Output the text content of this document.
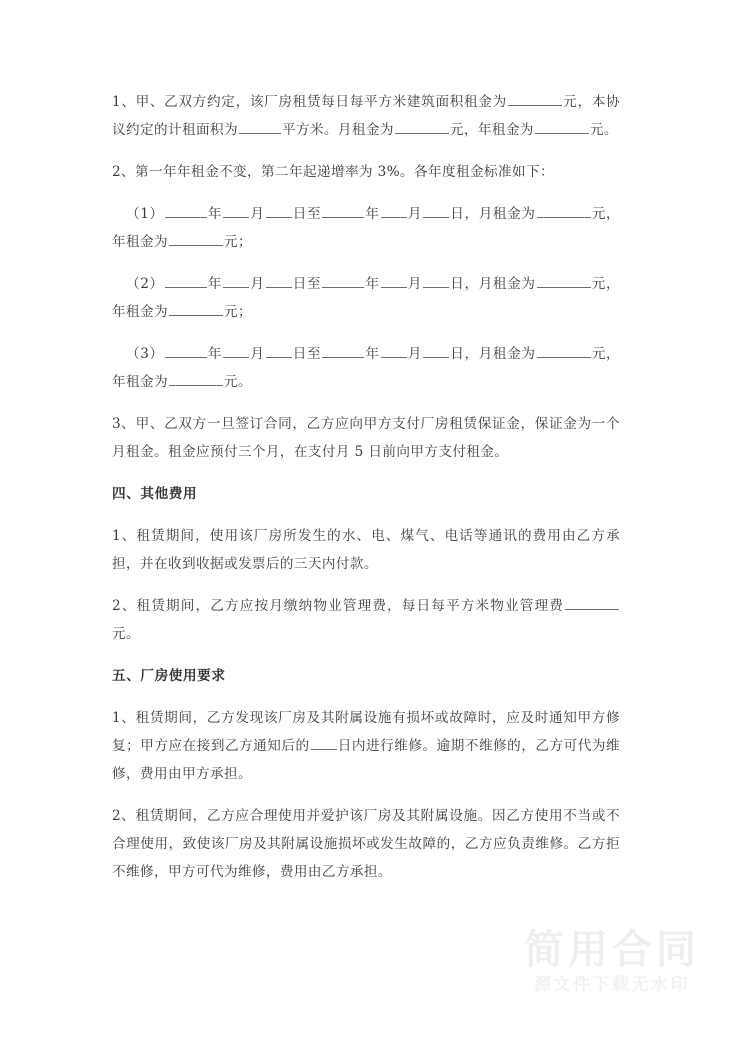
1、甲、乙双方约定，该厂房租赁每日每平方米建筑面积租金为	元，本协议约定的计租面积为	平方米。月租金为	元，年租金为	元。

2、第一年年租金不变，第二年起递增率为 3%。各年度租金标准如下：

（1）	年 月 日至	年 月 日，月租金为	元，年租金为	元；

（2）	年 月 日至	年 月 日，月租金为	元，年租金为	元；

（3）	年 月 日至	年 月 日，月租金为	元，年租金为	元。

3、甲、乙双方一旦签订合同，乙方应向甲方支付厂房租赁保证金，保证金为一个月租金。租金应预付三个月，在支付月 5 日前向甲方支付租金。

四、其他费用

1、租赁期间，使用该厂房所发生的水、电、煤气、电话等通讯的费用由乙方承担，并在收到收据或发票后的三天内付款。

2、租赁期间，乙方应按月缴纳物业管理费，每日每平方米物业管理费元。

五、厂房使用要求

1、租赁期间，乙方发现该厂房及其附属设施有损坏或故障时，应及时通知甲方修复；甲方应在接到乙方通知后的 日内进行维修。逾期不维修的，乙方可代为维修，费用由甲方承担。

2、租赁期间，乙方应合理使用并爱护该厂房及其附属设施。因乙方使用不当或不合理使用，致使该厂房及其附属设施损坏或发生故障的，乙方应负责维修。乙方拒不维修，甲方可代为维修，费用由乙方承担。

简用合同
源文件下载无水印
